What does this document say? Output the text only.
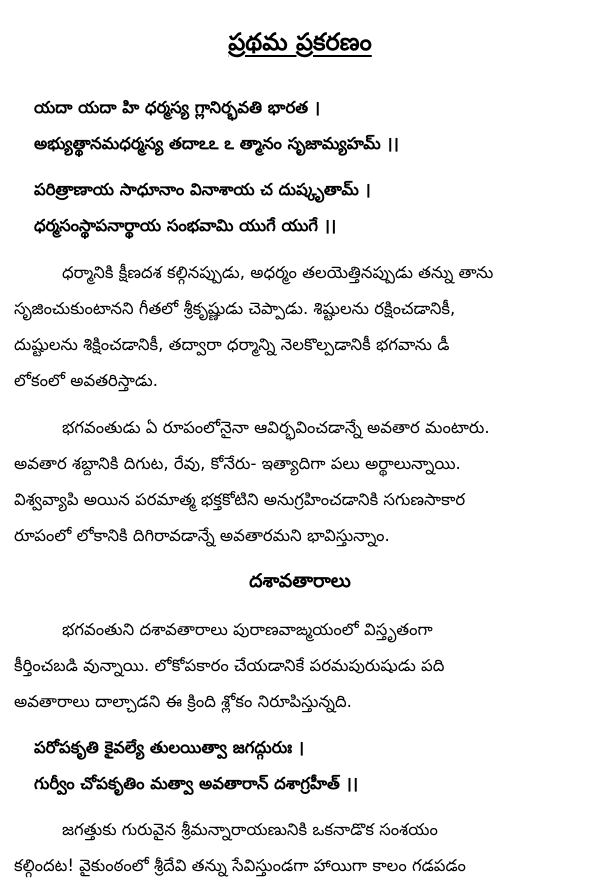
ప్రథమ ప్రకరణం
యదా యదా హి ధర్మస్య గ్లానిర్భవతి భారత ।
అభ్యుత్థానమధర్మస్య తదాఽఽ ఽ త్మానం సృజామ్యహమ్ ।।
పరిత్రాణాయ సాధూనాం వినాశాయ చ దుష్కృతామ్ ।
ధర్మసంస్థాపనార్థాయ సంభవామి యుగే యుగే ।।
ధర్మానికి క్షీణదశ కల్గినప్పుడు, అధర్మం తలయెత్తినప్పుడు తన్ను తాను
సృజించుకుంటానని గీతలో శ్రీకృష్ణుడు చెప్పాడు. శిష్టులను రక్షించడానికీ,
దుష్టులను శిక్షించడానికీ, తద్వారా ధర్మాన్ని నెలకొల్పడానికీ భగవాను డీ
లోకంలో అవతరిస్తాడు.
భగవంతుడు ఏ రూపంలోనైనా ఆవిర్భవించడాన్నే అవతార మంటారు.
అవతార శబ్దానికి దిగుట, రేవు, కోనేరు- ఇత్యాదిగా పలు అర్థాలున్నాయి.
విశ్వవ్యాపి అయిన పరమాత్మ భక్తకోటిని అనుగ్రహించడానికి సగుణసాకార
రూపంలో లోకానికి దిగిరావడాన్నే అవతారమని భావిస్తున్నాం.
దశావతారాలు
భగవంతుని దశావతారాలు పురాణవాఙ్మయంలో విస్తృతంగా
కీర్తించబడి వున్నాయి. లోకోపకారం చేయడానికే పరమపురుషుడు పది
అవతారాలు దాల్చాడని ఈ క్రింది శ్లోకం నిరూపిస్తున్నది.
పరోపకృతి కైవల్యే తులయిత్వా జగద్గురుః ।
గుర్వీం చోపకృతిం మత్వా అవతారాన్ దశాగ్రహీత్ ।।
జగత్తుకు గురువైన శ్రీమన్నారాయణునికి ఒకనాడొక సంశయం
కల్గిందట! వైకుంఠంలో శ్రీదేవి తన్ను సేవిస్తుండగా హాయిగా కాలం గడపడం
